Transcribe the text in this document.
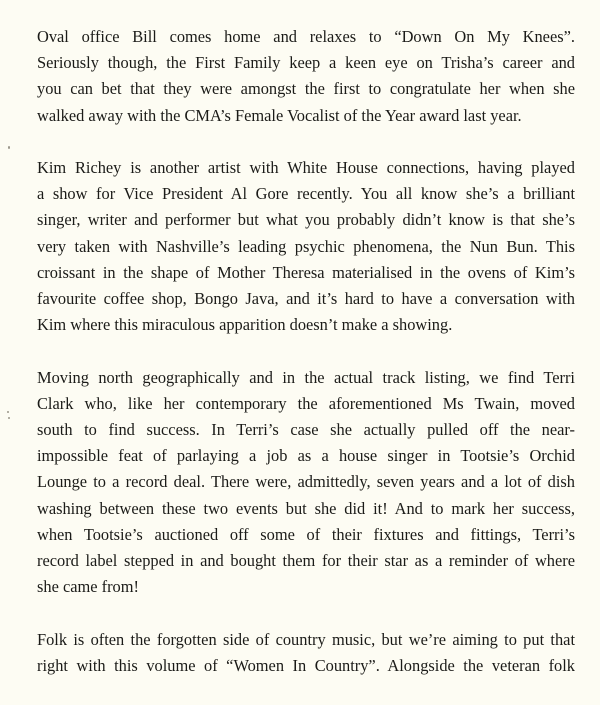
Oval office Bill comes home and relaxes to “Down On My Knees”.
Seriously though, the First Family keep a keen eye on Trisha’s career and
you can bet that they were amongst the first to congratulate her when she
walked away with the CMA’s Female Vocalist of the Year award last year.

Kim Richey is another artist with White House connections, having played
a show for Vice President Al Gore recently. You all know she’s a brilliant
singer, writer and performer but what you probably didn’t know is that she’s
very taken with Nashville’s leading psychic phenomena, the Nun Bun. This
croissant in the shape of Mother Theresa materialised in the ovens of Kim’s
favourite coffee shop, Bongo Java, and it’s hard to have a conversation with
Kim where this miraculous apparition doesn’t make a showing.

Moving north geographically and in the actual track listing, we find Terri
Clark who, like her contemporary the aforementioned Ms Twain, moved
south to find success. In Terri’s case she actually pulled off the near-
impossible feat of parlaying a job as a house singer in Tootsie’s Orchid
Lounge to a record deal. There were, admittedly, seven years and a lot of dish
washing between these two events but she did it! And to mark her success,
when Tootsie’s auctioned off some of their fixtures and fittings, Terri’s
record label stepped in and bought them for their star as a reminder of where
she came from!

Folk is often the forgotten side of country music, but we’re aiming to put that
right with this volume of “Women In Country”. Alongside the veteran folk
